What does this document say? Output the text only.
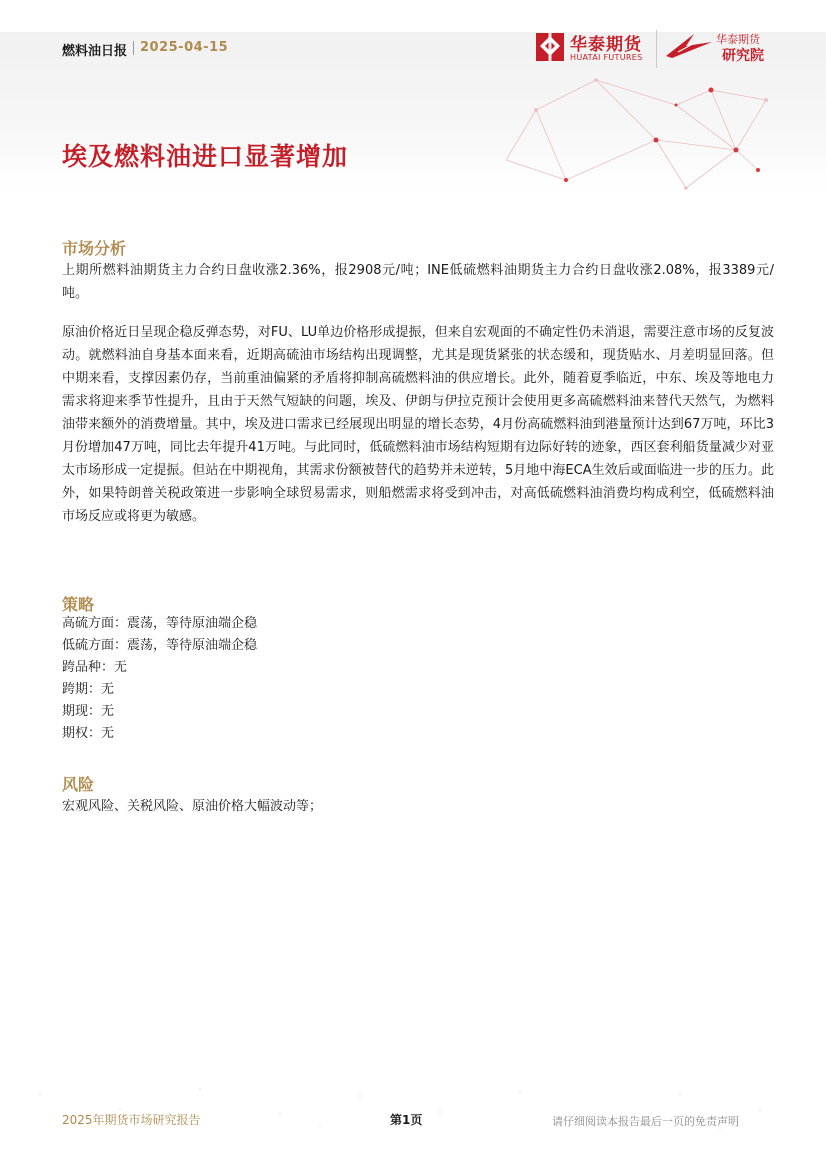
燃料油日报 2025-04-15	华泰期货
HUATAI FUTURES
华泰期货
研究院
埃及燃料油进口显著增加
市场分析
上期所燃料油期货主力合约日盘收涨2.36%，报2908元/吨；INE低硫燃料油期货主力合约日盘收涨2.08%，报3389元/吨。
原油价格近日呈现企稳反弹态势，对FU、LU单边价格形成提振，但来自宏观面的不确定性仍未消退，需要注意市场的反复波动。就燃料油自身基本面来看，近期高硫油市场结构出现调整，尤其是现货紧张的状态缓和，现货贴水、月差明显回落。但中期来看，支撑因素仍存，当前重油偏紧的矛盾将抑制高硫燃料油的供应增长。此外，随着夏季临近，中东、埃及等地电力需求将迎来季节性提升，且由于天然气短缺的问题，埃及、伊朗与伊拉克预计会使用更多高硫燃料油来替代天然气，为燃料油带来额外的消费增量。其中，埃及进口需求已经展现出明显的增长态势，4月份高硫燃料油到港量预计达到67万吨，环比3月份增加47万吨，同比去年提升41万吨。与此同时，低硫燃料油市场结构短期有边际好转的迹象，西区套利船货量减少对亚太市场形成一定提振。但站在中期视角，其需求份额被替代的趋势并未逆转，5月地中海ECA生效后或面临进一步的压力。此外，如果特朗普关税政策进一步影响全球贸易需求，则船燃需求将受到冲击，对高低硫燃料油消费均构成利空，低硫燃料油市场反应或将更为敏感。
策略
高硫方面：震荡，等待原油端企稳
低硫方面：震荡，等待原油端企稳
跨品种：无
跨期：无
期现：无
期权：无
风险
宏观风险、关税风险、原油价格大幅波动等；
2025年期货市场研究报告	第1页	请仔细阅读本报告最后一页的免责声明
